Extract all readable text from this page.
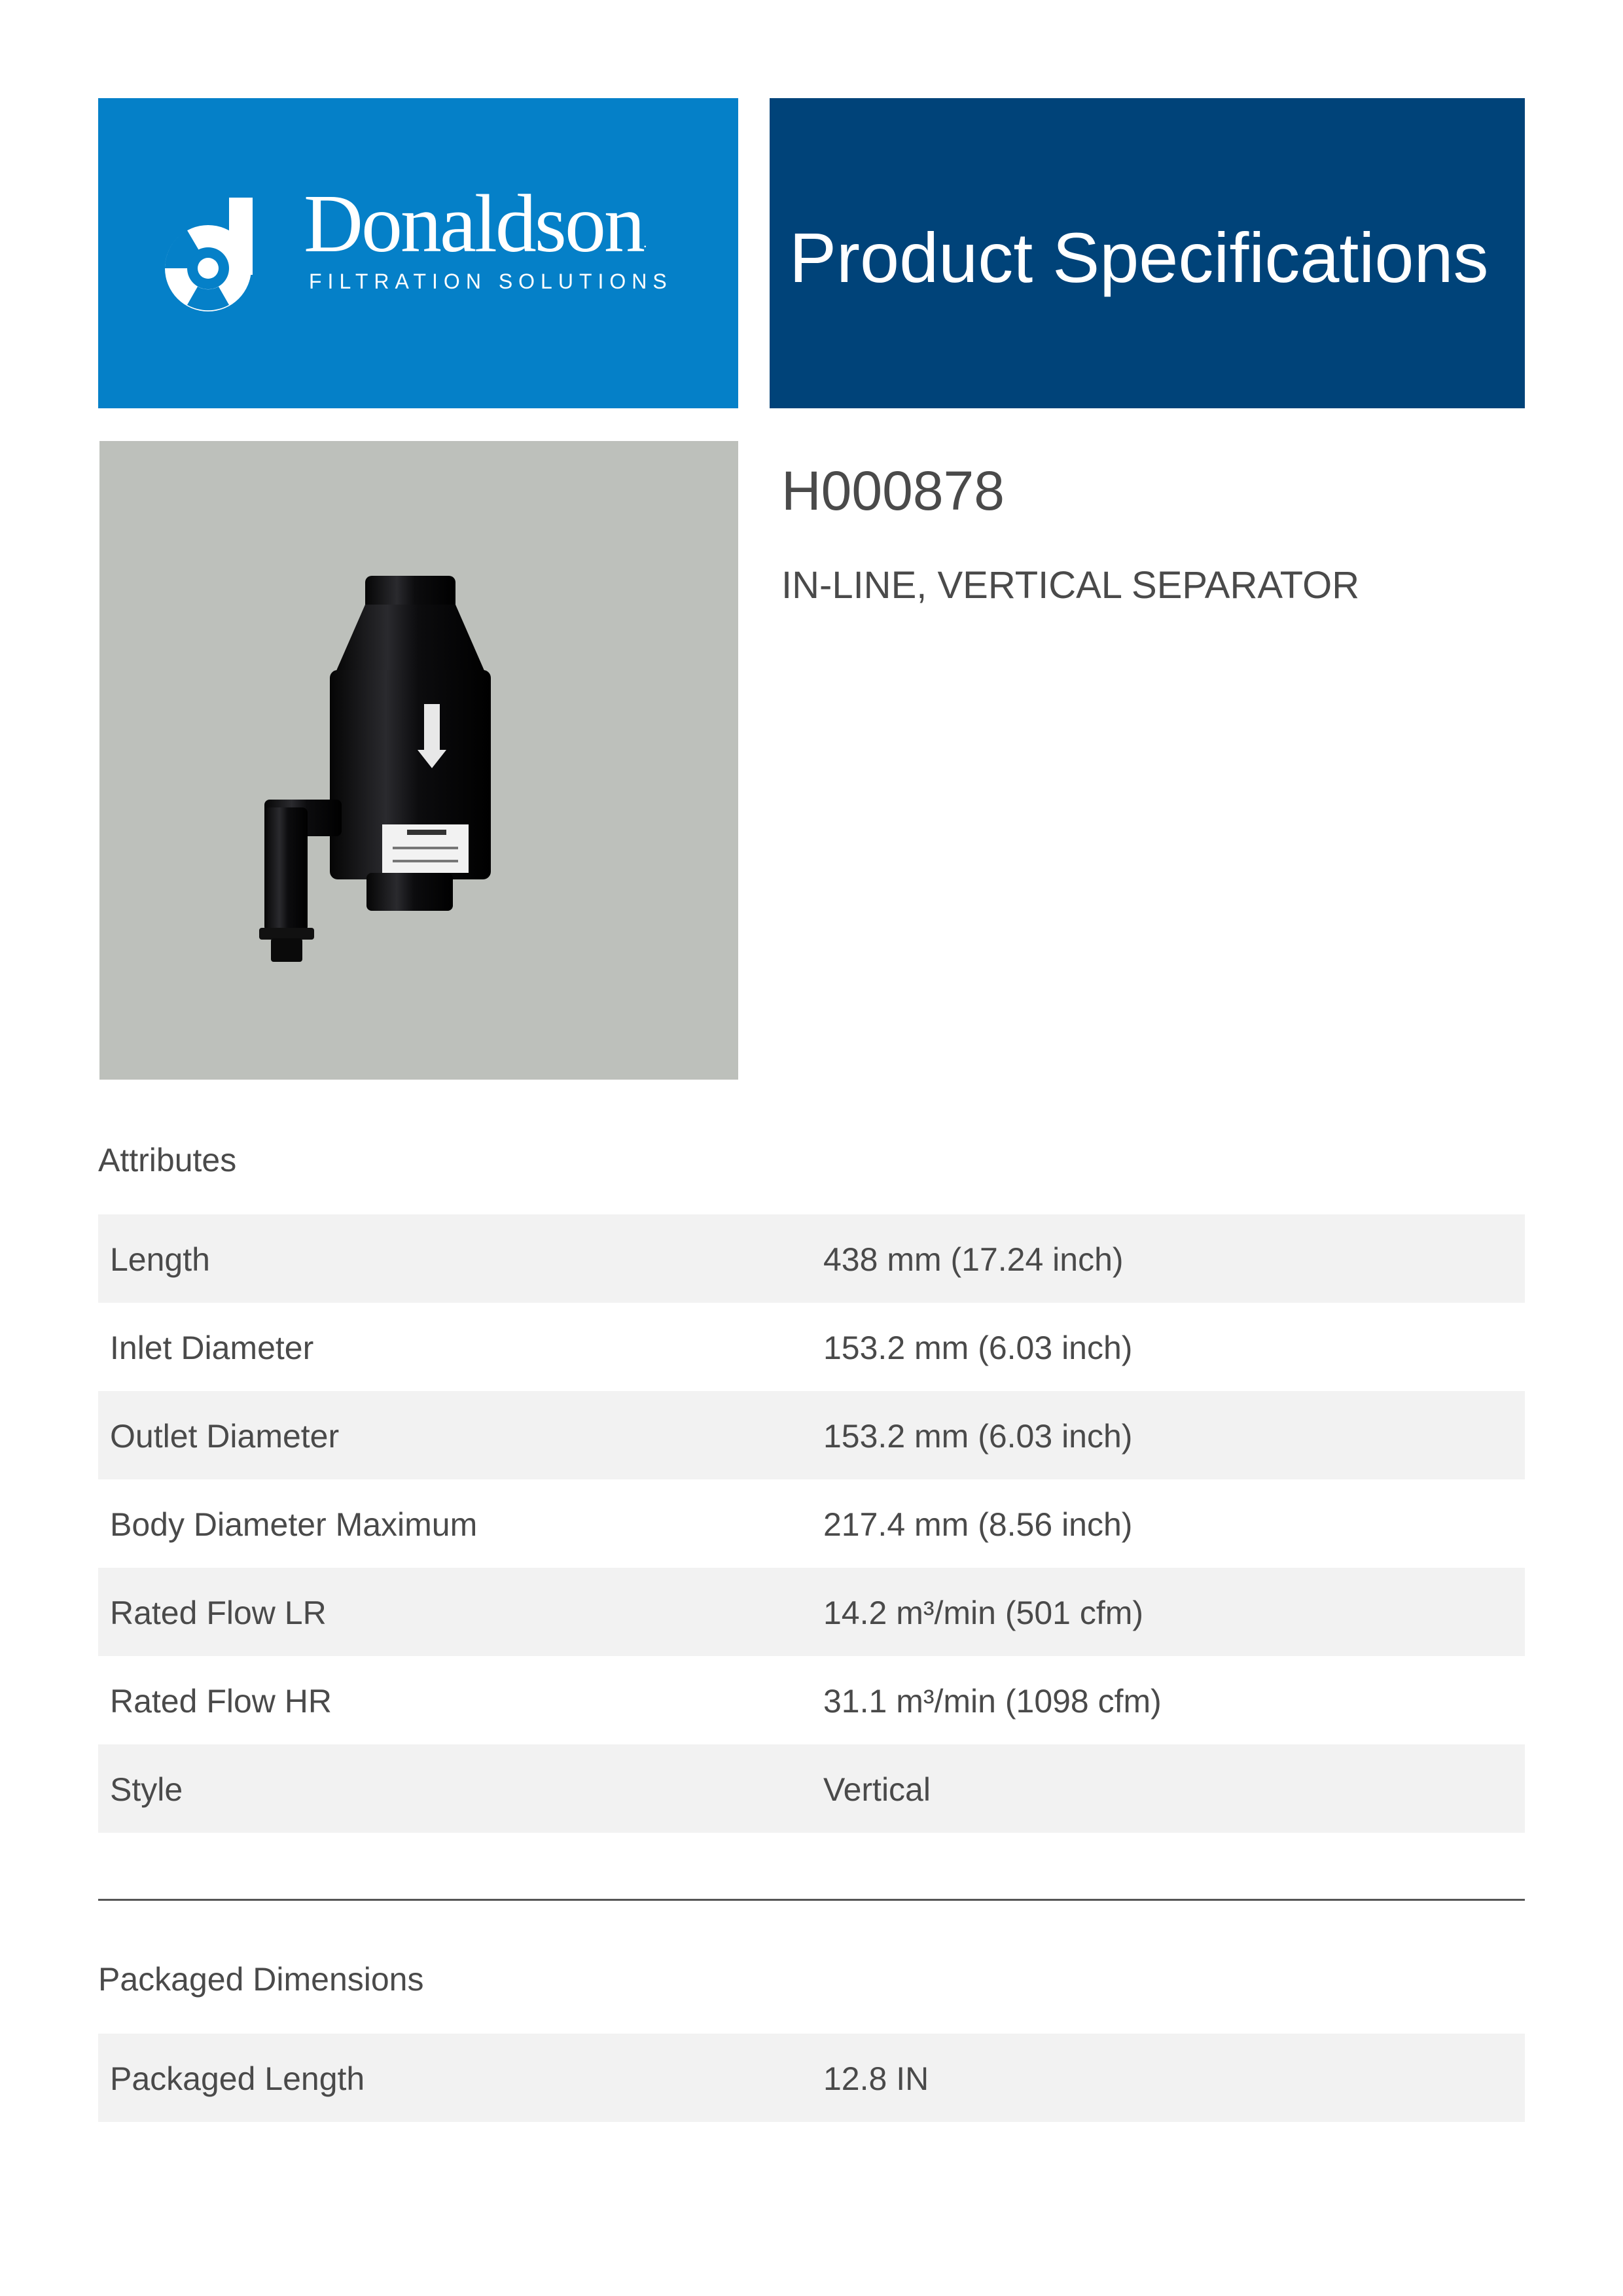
Donaldson.
FILTRATION SOLUTIONS Product Specifications
H000878
IN-LINE, VERTICAL SEPARATOR
Attributes
Length	438 mm (17.24 inch)
Inlet Diameter	153.2 mm (6.03 inch)
Outlet Diameter	153.2 mm (6.03 inch)
Body Diameter Maximum	217.4 mm (8.56 inch)
Rated Flow LR	14.2 m³/min (501 cfm)
Rated Flow HR	31.1 m³/min (1098 cfm)
Style	Vertical
Packaged Dimensions
Packaged Length	12.8 IN
